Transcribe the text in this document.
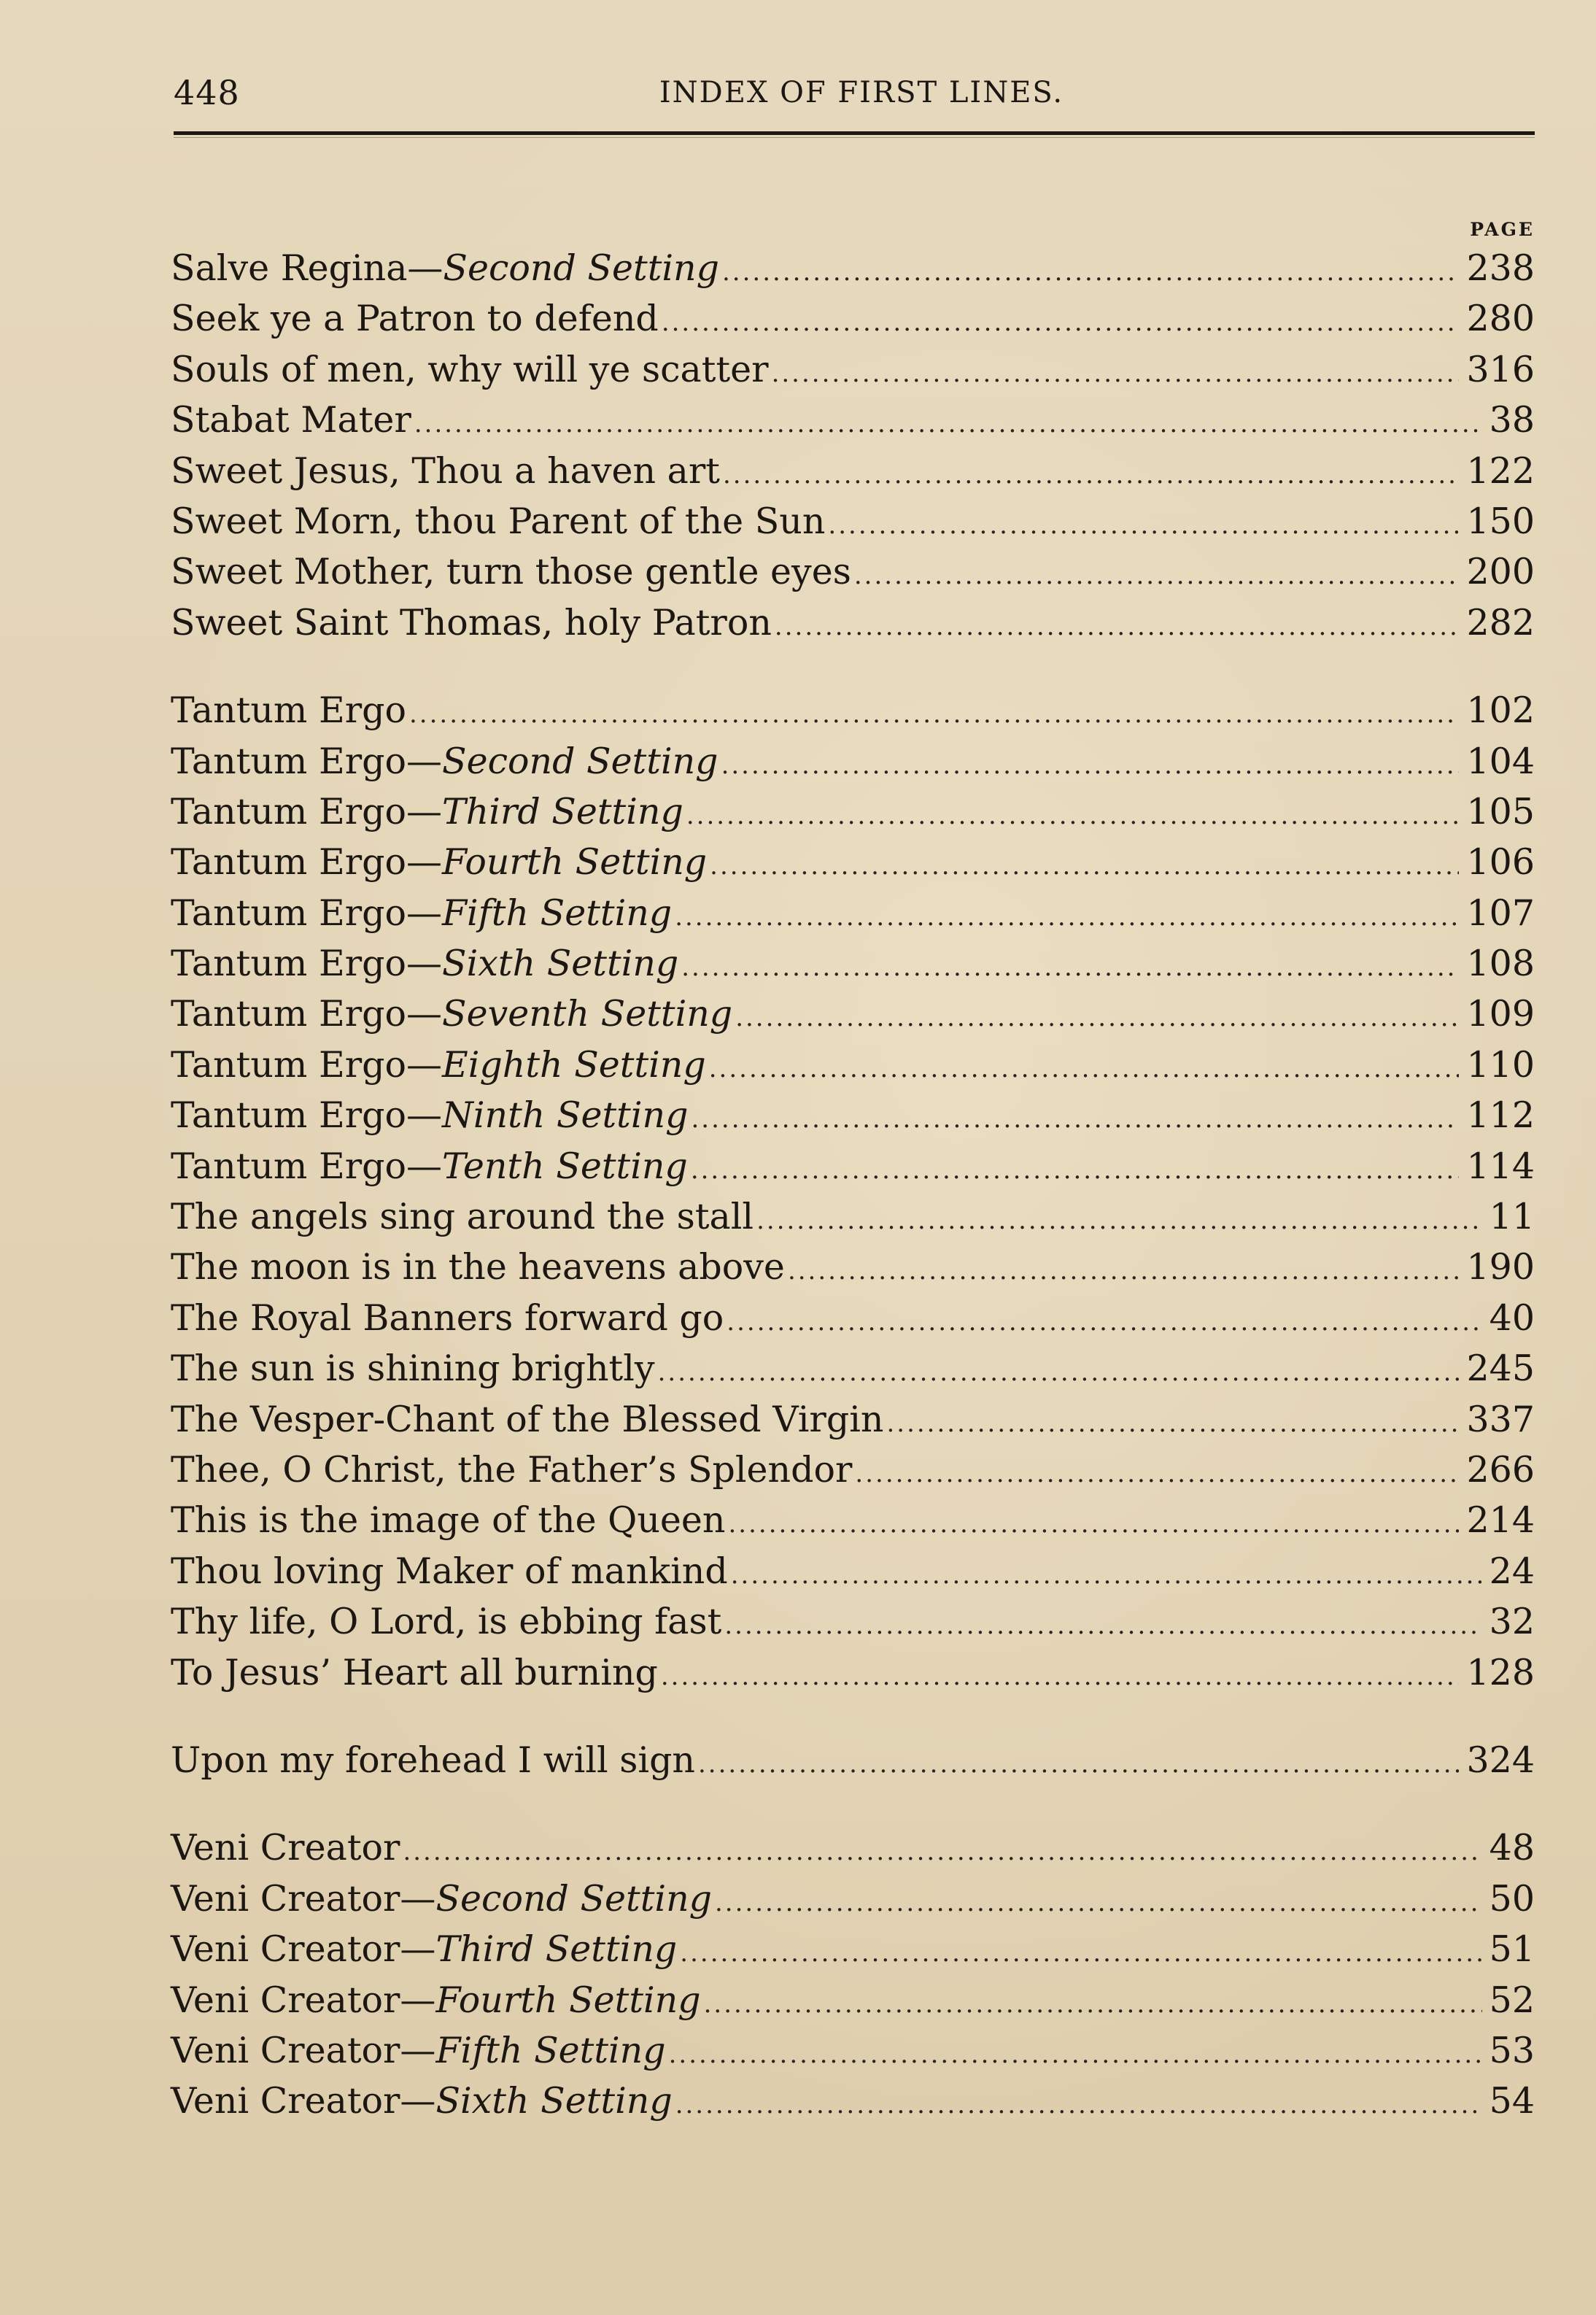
448	INDEX OF FIRST LINES.
PAGE
Salve Regina—Second Setting .....	238
Seek ye a Patron to defend .....	280
Souls of men, why will ye scatter .....	316
Stabat Mater .....	38
Sweet Jesus, Thou a haven art .....	122
Sweet Morn, thou Parent of the Sun .....	150
Sweet Mother, turn those gentle eyes .....	200
Sweet Saint Thomas, holy Patron .....	282
Tantum Ergo .....	102
Tantum Ergo—Second Setting .....	104
Tantum Ergo—Third Setting .....	105
Tantum Ergo—Fourth Setting .....	106
Tantum Ergo—Fifth Setting .....	107
Tantum Ergo—Sixth Setting .....	108
Tantum Ergo—Seventh Setting .....	109
Tantum Ergo—Eighth Setting .....	110
Tantum Ergo—Ninth Setting .....	112
Tantum Ergo—Tenth Setting .....	114
The angels sing around the stall .....	11
The moon is in the heavens above .....	190
The Royal Banners forward go .....	40
The sun is shining brightly .....	245
The Vesper-Chant of the Blessed Virgin .....	337
Thee, O Christ, the Father’s Splendor .....	266
This is the image of the Queen .....	214
Thou loving Maker of mankind .....	24
Thy life, O Lord, is ebbing fast .....	32
To Jesus’ Heart all burning .....	128
Upon my forehead I will sign .....	324
Veni Creator .....	48
Veni Creator—Second Setting .....	50
Veni Creator—Third Setting .....	51
Veni Creator—Fourth Setting .....	52
Veni Creator—Fifth Setting .....	53
Veni Creator—Sixth Setting .....	54
